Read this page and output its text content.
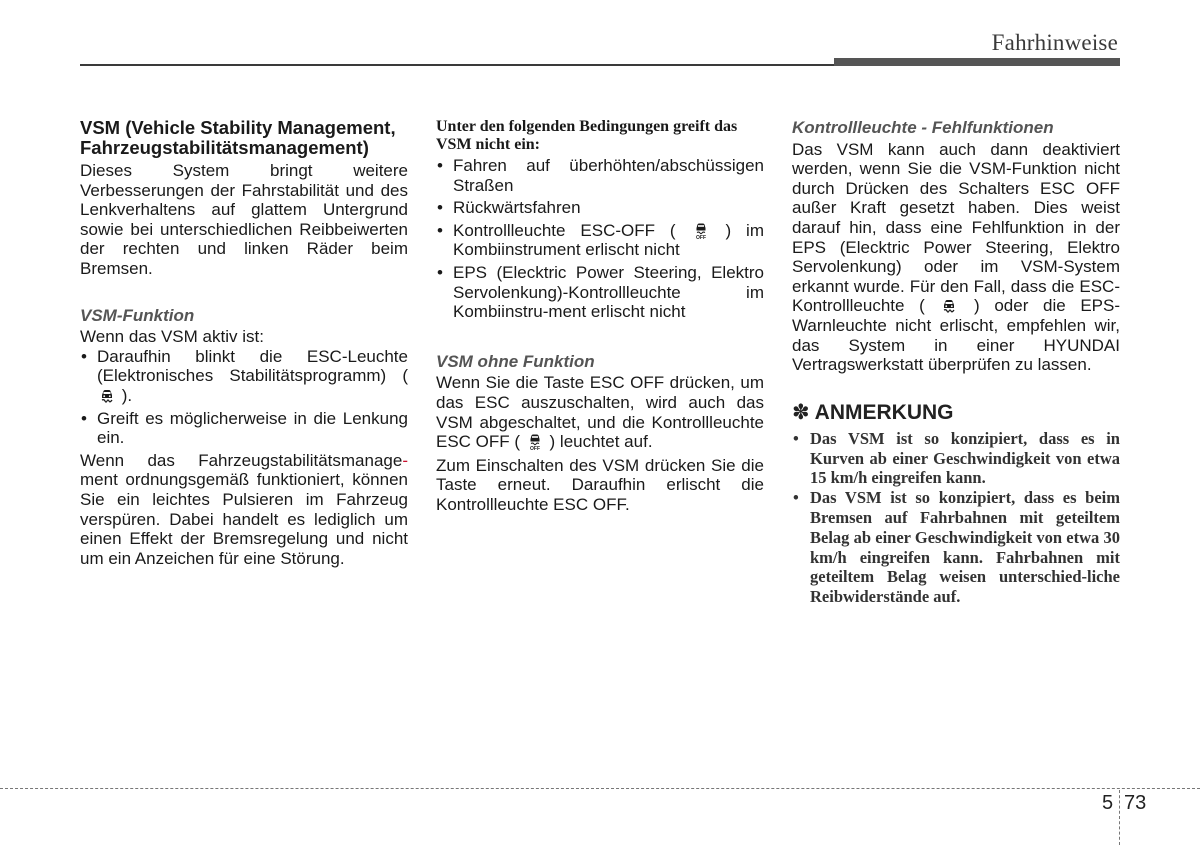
Fahrhinweise
VSM (Vehicle Stability Management, Fahrzeugstabilitätsmanagement)

Dieses System bringt weitere Verbesserungen der Fahrstabilität und des Lenkverhaltens auf glattem Untergrund sowie bei unterschiedlichen Reibbeiwerten der rechten und linken Räder beim Bremsen.

VSM-Funktion

Wenn das VSM aktiv ist:

• Daraufhin blinkt die ESC-Leuchte (Elektronisches Stabilitätsprogramm) (
).
• Greift es möglicherweise in die Lenkung ein.

Wenn das Fahrzeugstabilitätsmanage- ment ordnungsgemäß funktioniert, können Sie ein leichtes Pulsieren im Fahrzeug verspüren. Dabei handelt es lediglich um einen Effekt der Bremsregelung und nicht um ein Anzeichen für eine Störung.

Unter den folgenden Bedingungen greift das VSM nicht ein:
• Fahren auf überhöhten/abschüssigen Straßen
• Rückwärtsfahren
• Kontrollleuchte ESC-OFF (	OFF ) im Kombiinstrument erlischt nicht
• EPS (Elecktric Power Steering, Elektro Servolenkung)-Kontrollleuchte im Kombiinstru-ment erlischt nicht
VSM ohne Funktion

Wenn Sie die Taste ESC OFF drücken, um das ESC auszuschalten, wird auch das VSM abgeschaltet, und die Kontrollleuchte ESC OFF ( OFF ) leuchtet auf.

Zum Einschalten des VSM drücken Sie die Taste erneut. Daraufhin erlischt die Kontrollleuchte ESC OFF.

Kontrollleuchte - Fehlfunktionen

Das VSM kann auch dann deaktiviert werden, wenn Sie die VSM-Funktion nicht durch Drücken des Schalters ESC OFF außer Kraft gesetzt haben. Dies weist darauf hin, dass eine Fehlfunktion in der EPS (Elecktric Power Steering, Elektro Servolenkung) oder im VSM-System erkannt wurde. Für den Fall, dass die ESC-Kontrollleuchte (	) oder die EPS-Warnleuchte nicht erlischt, empfehlen wir, das System in einer HYUNDAI Vertragswerkstatt überprüfen zu lassen.

✽ ANMERKUNG
• Das VSM ist so konzipiert, dass es in Kurven ab einer Geschwindigkeit von etwa 15 km/h eingreifen kann.
• Das VSM ist so konzipiert, dass es beim Bremsen auf Fahrbahnen mit geteiltem Belag ab einer Geschwindigkeit von etwa 30 km/h eingreifen kann. Fahrbahnen mit geteiltem Belag weisen unterschied-liche Reibwiderstände auf.
5 73
